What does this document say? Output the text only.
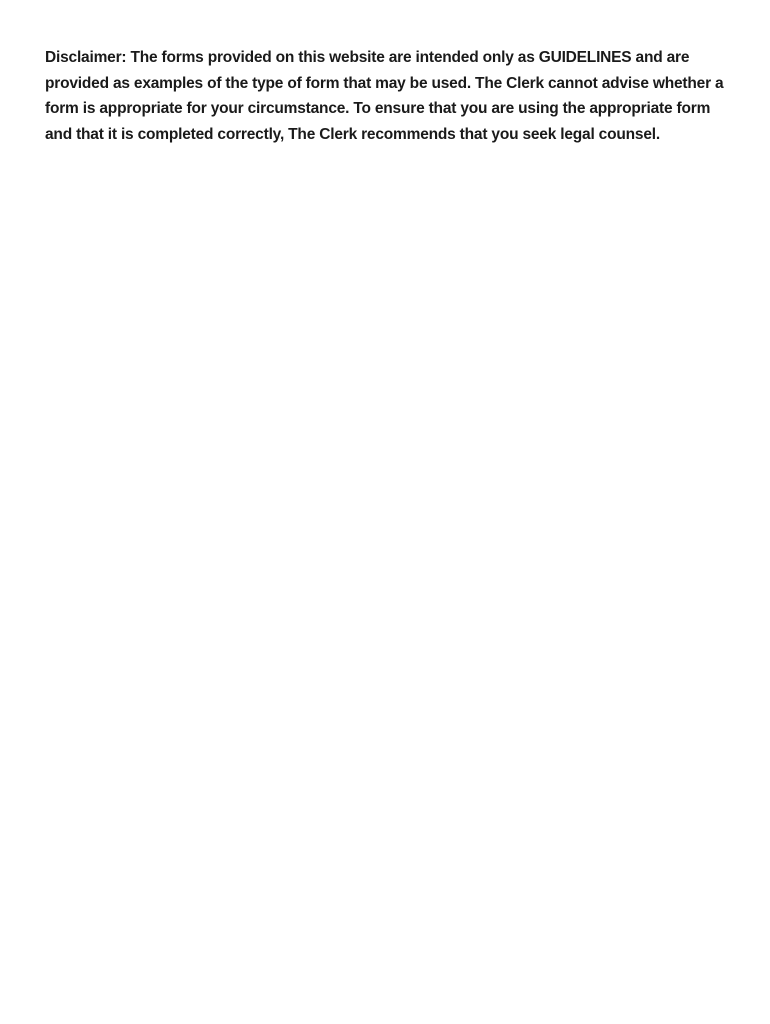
Disclaimer: The forms provided on this website are intended only as GUIDELINES and are provided as examples of the type of form that may be used. The Clerk cannot advise whether a form is appropriate for your circumstance. To ensure that you are using the appropriate form and that it is completed correctly, The Clerk recommends that you seek legal counsel.
